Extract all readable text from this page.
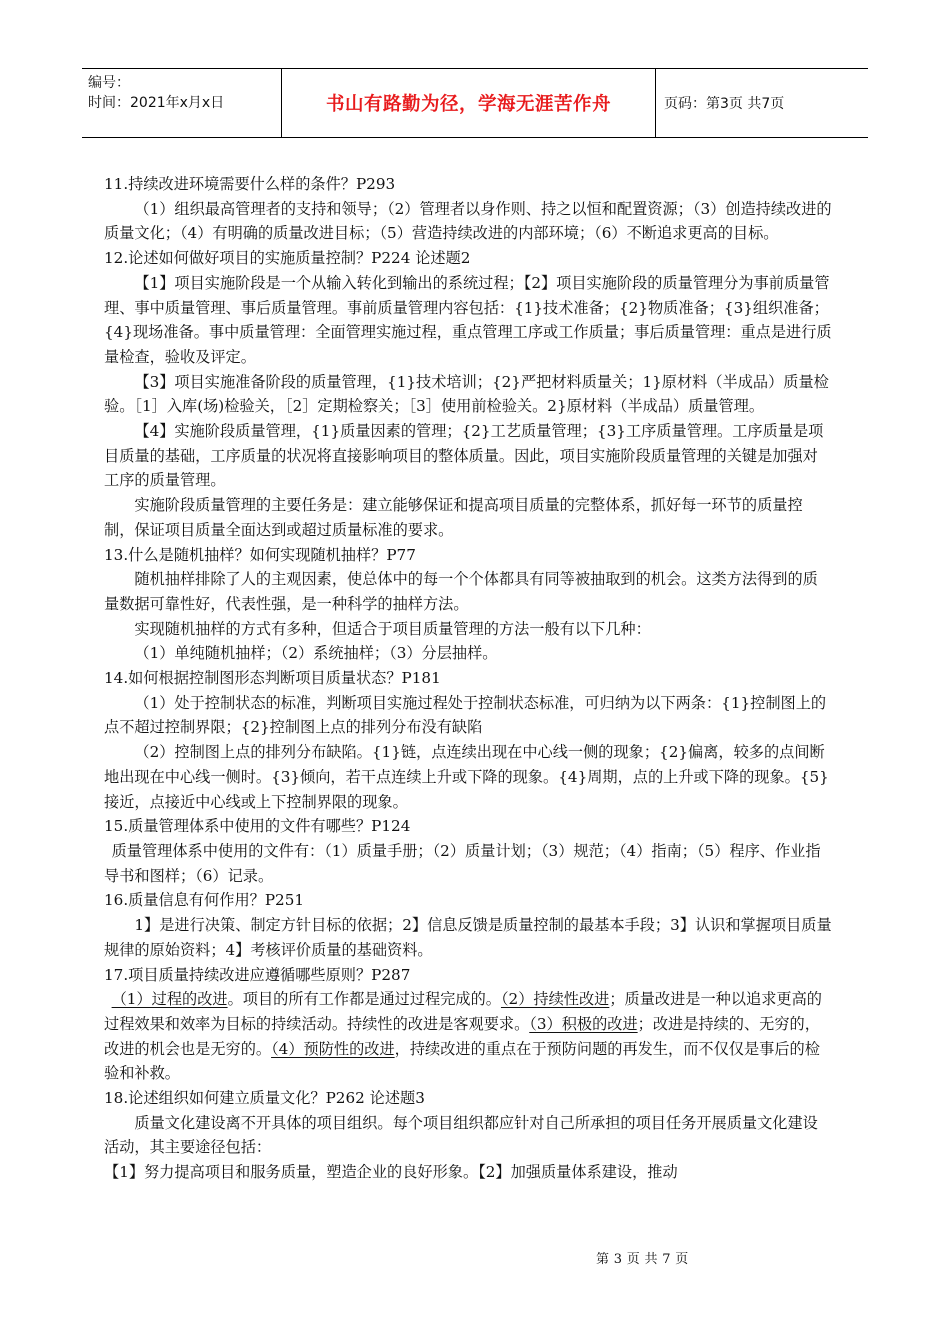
编号：
时间：2021年x月x日	书山有路勤为径，学海无涯苦作舟	页码：第3页 共7页

11.持续改进环境需要什么样的条件？P293

（1）组织最高管理者的支持和领导；（2）管理者以身作则、持之以恒和配置资源；（3）创造持续改进的质量文化；（4）有明确的质量改进目标；（5）营造持续改进的内部环境；（6）不断追求更高的目标。

12.论述如何做好项目的实施质量控制？P224 论述题2

【1】项目实施阶段是一个从输入转化到输出的系统过程；【2】项目实施阶段的质量管理分为事前质量管理、事中质量管理、事后质量管理。事前质量管理内容包括：{1}技术准备；{2}物质准备；{3}组织准备；{4}现场准备。事中质量管理：全面管理实施过程，重点管理工序或工作质量；事后质量管理：重点是进行质量检查，验收及评定。

【3】项目实施准备阶段的质量管理，{1}技术培训；{2}严把材料质量关；1}原材料（半成品）质量检验。［1］入库(场)检验关，［2］定期检察关；［3］使用前检验关。2}原材料（半成品）质量管理。

【4】实施阶段质量管理，{1}质量因素的管理；{2}工艺质量管理；{3}工序质量管理。工序质量是项目质量的基础，工序质量的状况将直接影响项目的整体质量。因此，项目实施阶段质量管理的关键是加强对工序的质量管理。

实施阶段质量管理的主要任务是：建立能够保证和提高项目质量的完整体系，抓好每一环节的质量控制，保证项目质量全面达到或超过质量标准的要求。

13.什么是随机抽样？如何实现随机抽样？P77

随机抽样排除了人的主观因素，使总体中的每一个个体都具有同等被抽取到的机会。这类方法得到的质量数据可靠性好，代表性强，是一种科学的抽样方法。

实现随机抽样的方式有多种，但适合于项目质量管理的方法一般有以下几种：

（1）单纯随机抽样；（2）系统抽样；（3）分层抽样。

14.如何根据控制图形态判断项目质量状态？P181

（1）处于控制状态的标准，判断项目实施过程处于控制状态标准，可归纳为以下两条：{1}控制图上的点不超过控制界限；{2}控制图上点的排列分布没有缺陷

（2）控制图上点的排列分布缺陷。{1}链，点连续出现在中心线一侧的现象；{2}偏离，较多的点间断地出现在中心线一侧时。{3}倾向，若干点连续上升或下降的现象。{4}周期，点的上升或下降的现象。{5}接近，点接近中心线或上下控制界限的现象。

15.质量管理体系中使用的文件有哪些？P124

质量管理体系中使用的文件有：（1）质量手册；（2）质量计划；（3）规范；（4）指南；（5）程序、作业指导书和图样；（6）记录。

16.质量信息有何作用？P251

1】是进行决策、制定方针目标的依据；2】信息反馈是质量控制的最基本手段；3】认识和掌握项目质量规律的原始资料；4】考核评价质量的基础资料。

17.项目质量持续改进应遵循哪些原则？P287

（1）过程的改进。项目的所有工作都是通过过程完成的。（2）持续性改进；质量改进是一种以追求更高的过程效果和效率为目标的持续活动。持续性的改进是客观要求。（3）积极的改进；改进是持续的、无穷的，改进的机会也是无穷的。（4）预防性的改进，持续改进的重点在于预防问题的再发生，而不仅仅是事后的检验和补救。

18.论述组织如何建立质量文化？P262 论述题3

质量文化建设离不开具体的项目组织。每个项目组织都应针对自己所承担的项目任务开展质量文化建设活动，其主要途径包括：

【1】努力提高项目和服务质量，塑造企业的良好形象。【2】加强质量体系建设，推动

第 3 页 共 7 页
